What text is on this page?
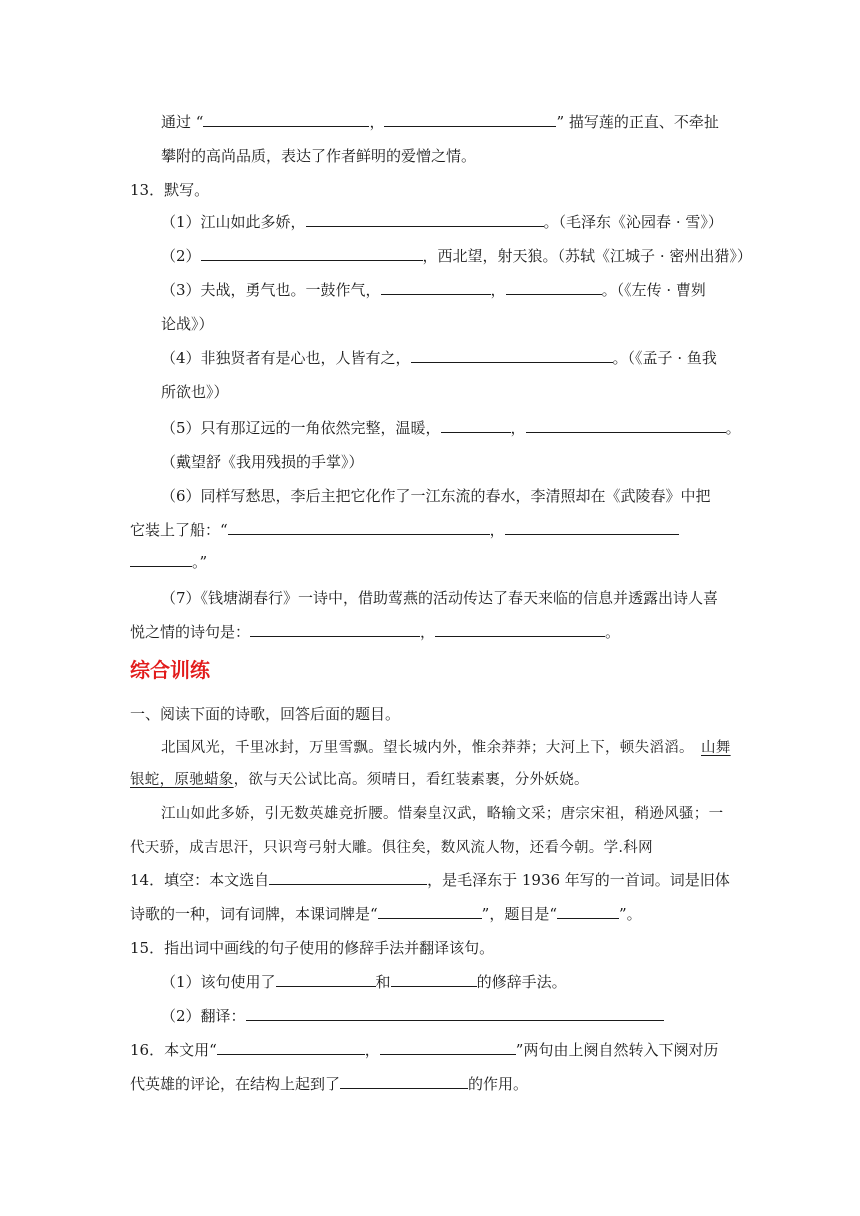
通过 “	，	” 描写莲的正直、不牵扯
攀附的高尚品质，表达了作者鲜明的爱憎之情。
13．默写。
（1）江山如此多娇，	。（毛泽东《沁园春 · 雪》）
（2）	，西北望，射天狼。（苏轼《江城子 · 密州出猎》）
（3）夫战，勇气也。一鼓作气，	，	。（《左传 · 曹刿
论战》）
（4）非独贤者有是心也，人皆有之，	。（《孟子 · 鱼我
所欲也》）
（5）只有那辽远的一角依然完整，温暖，	，	。
（戴望舒《我用残损的手掌》）
（6）同样写愁思，李后主把它化作了一江东流的春水，李清照却在《武陵春》中把
它装上了船：“	，
。”
（7）《钱塘湖春行》一诗中，借助莺燕的活动传达了春天来临的信息并透露出诗人喜
悦之情的诗句是：	，	。
综合训练
一、阅读下面的诗歌，回答后面的题目。
北国风光，千里冰封，万里雪飘。望长城内外，惟余莽莽；大河上下，顿失滔滔。 山舞
银蛇，原驰蜡象，欲与天公试比高。须晴日，看红装素裹，分外妖娆。
江山如此多娇，引无数英雄竞折腰。惜秦皇汉武，略输文采；唐宗宋祖，稍逊风骚；一
代天骄，成吉思汗，只识弯弓射大雕。俱往矣，数风流人物，还看今朝。学.科网
14．填空：本文选自	，是毛泽东于 1936 年写的一首词。词是旧体
诗歌的一种，词有词牌，本课词牌是“	”，题目是“	”。
15．指出词中画线的句子使用的修辞手法并翻译该句。
（1）该句使用了	和	的修辞手法。
（2）翻译：
16．本文用“	，	”两句由上阕自然转入下阕对历
代英雄的评论，在结构上起到了	的作用。
